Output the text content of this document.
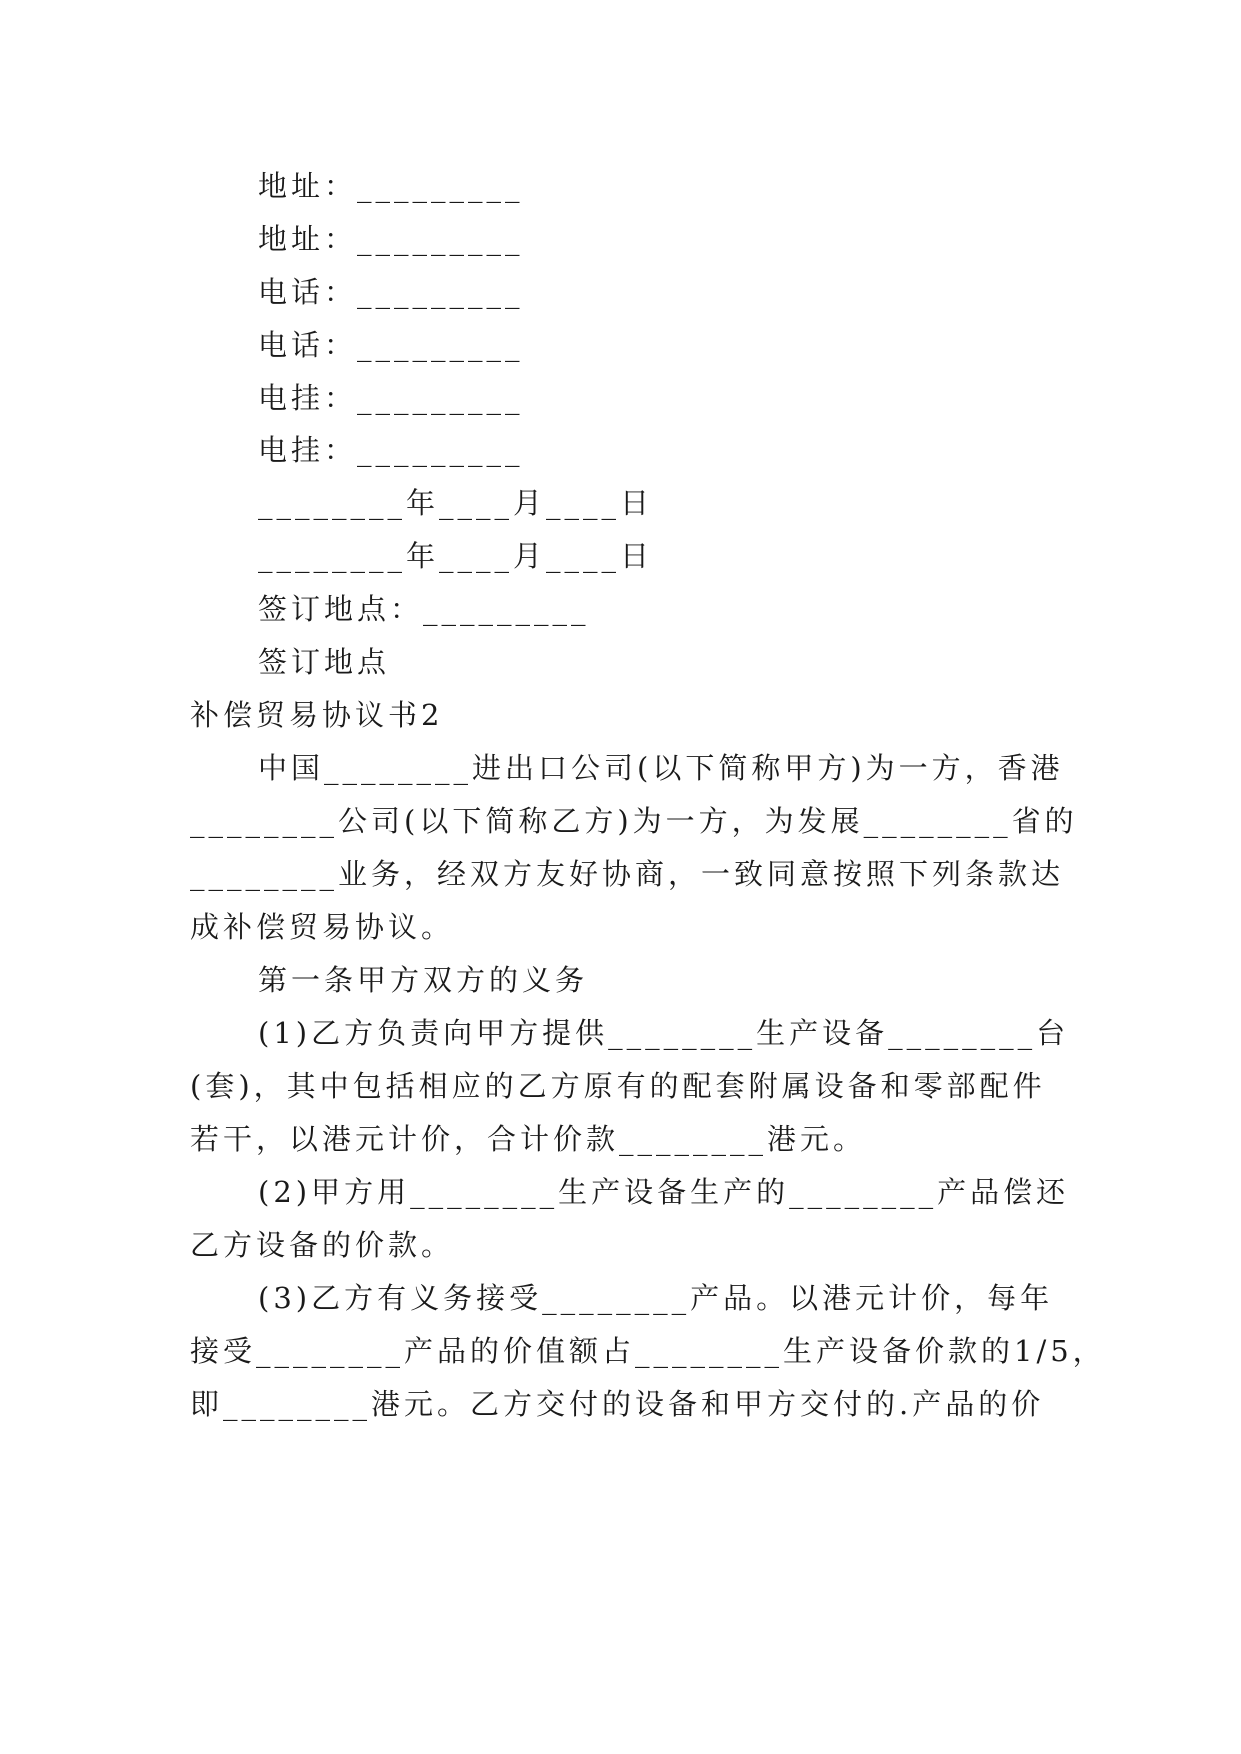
地址：_________
地址：_________
电话：_________
电话：_________
电挂：_________
电挂：_________
________年____月____日
________年____月____日
签订地点：_________
签订地点
补偿贸易协议书2
中国________进出口公司(以下简称甲方)为一方，香港
________公司(以下简称乙方)为一方，为发展________省的
________业务，经双方友好协商，一致同意按照下列条款达
成补偿贸易协议。
第一条甲方双方的义务
(1)乙方负责向甲方提供________生产设备________台
(套)，其中包括相应的乙方原有的配套附属设备和零部配件
若干，以港元计价，合计价款________港元。
(2)甲方用________生产设备生产的________产品偿还
乙方设备的价款。
(3)乙方有义务接受________产品。以港元计价，每年
接受________产品的价值额占________生产设备价款的1/5，
即________港元。乙方交付的设备和甲方交付的.产品的价
